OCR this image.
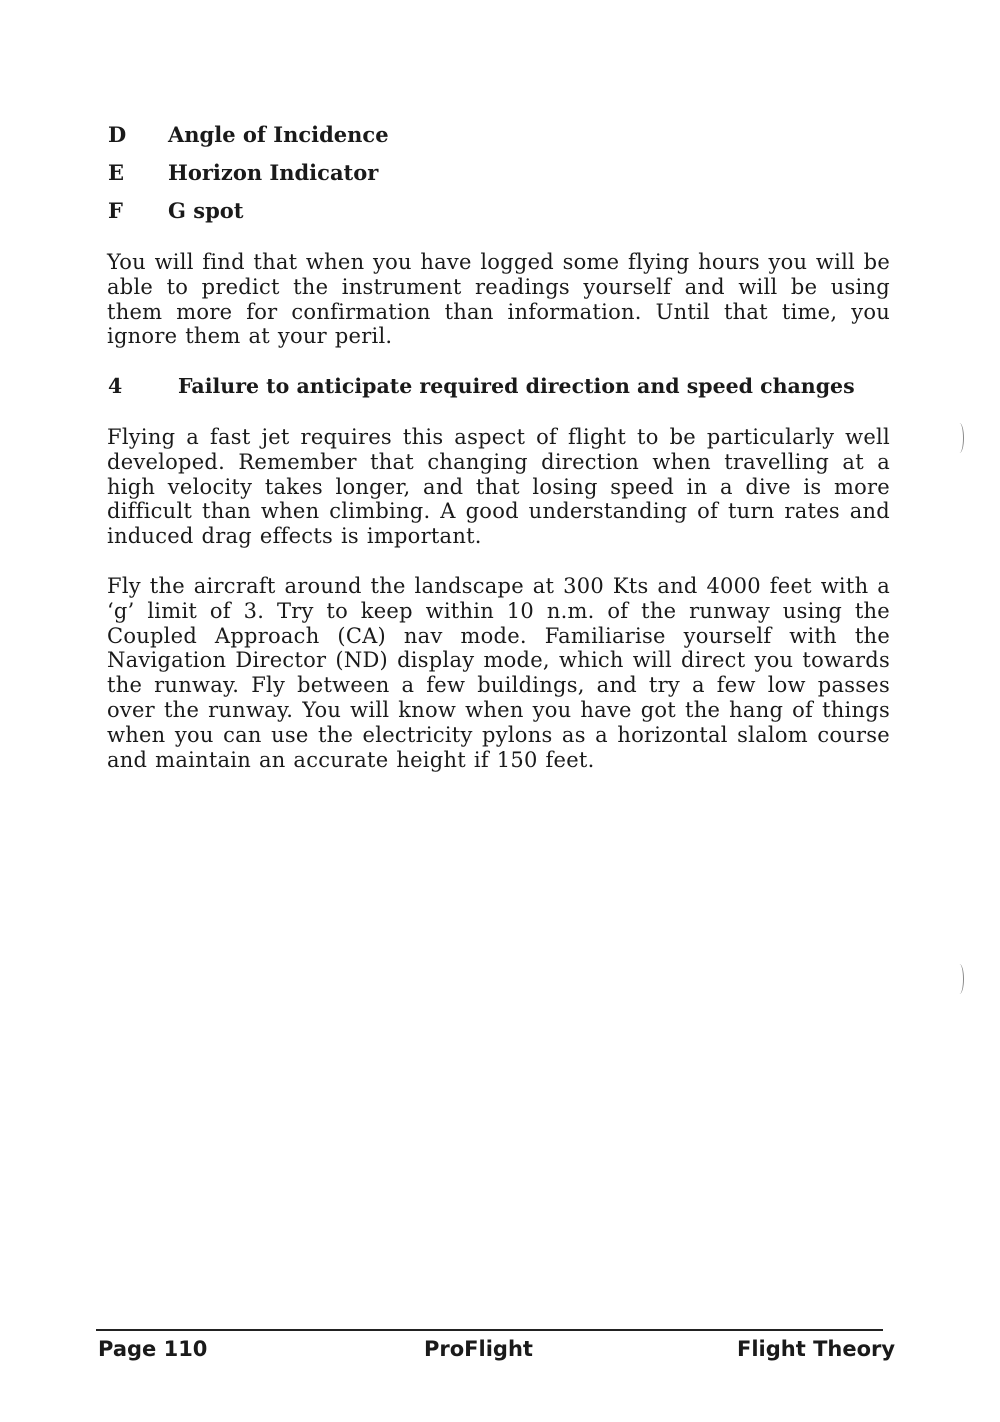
D Angle of Incidence
E Horizon Indicator
F G spot

You will find that when you have logged some flying hours you will be able to predict the instrument readings yourself and will be using them more for confirmation than information. Until that time, you ignore them at your peril.

4	Failure to anticipate required direction and speed changes

Flying a fast jet requires this aspect of flight to be particularly well developed. Remember that changing direction when travelling at a high velocity takes longer, and that losing speed in a dive is more difficult than when climbing. A good understanding of turn rates and induced drag effects is important.

Fly the aircraft around the landscape at 300 Kts and 4000 feet with a ‘g’ limit of 3. Try to keep within 10 n.m. of the runway using the Coupled Approach (CA) nav mode. Familiarise yourself with the Navigation Director (ND) display mode, which will direct you towards the runway. Fly between a few buildings, and try a few low passes over the runway. You will know when you have got the hang of things when you can use the electricity pylons as a horizontal slalom course and maintain an accurate height if 150 feet.

Page 110	ProFlight	Flight Theory
